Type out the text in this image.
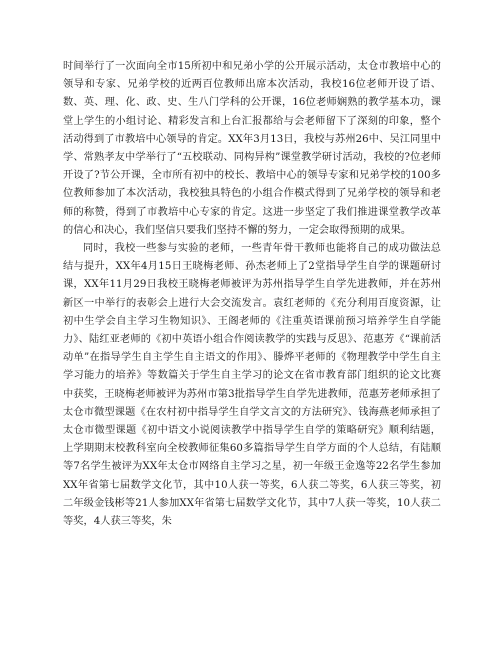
时间举行了一次面向全市15所初中和兄弟小学的公开展示活动，太仓市教培中心的领导和专家、兄弟学校的近两百位教师出席本次活动，我校16位老师开设了语、数、英、理、化、政、史、生八门学科的公开课，16位老师娴熟的教学基本功，课堂上学生的小组讨论、精彩发言和上台汇报都给与会老师留下了深刻的印象，整个活动得到了市教培中心领导的肯定。XX年3月13日，我校与苏州26中、吴江同里中学、常熟孝友中学举行了“五校联动、同构异构”课堂教学研讨活动，我校的?位老师开设了?节公开课，全市所有初中的校长、教培中心的领导专家和兄弟学校的100多位教师参加了本次活动，我校独具特色的小组合作模式得到了兄弟学校的领导和老师的称赞，得到了市教培中心专家的肯定。这进一步坚定了我们推进课堂教学改革的信心和决心，我们坚信只要我们坚持不懈的努力，一定会取得预期的成果。

同时，我校一些参与实验的老师，一些青年骨干教师也能将自己的成功做法总结与提升，XX年4月15日王晓梅老师、孙杰老师上了2堂指导学生自学的课题研讨课，XX年11月29日我校王晓梅老师被评为苏州指导学生自学先进教师，并在苏州新区一中举行的表彰会上进行大会交流发言。袁红老师的《充分利用百度资源，让初中生学会自主学习生物知识》、王阁老师的《注重英语课前预习培养学生自学能力》、陆红亚老师的《初中英语小组合作阅读教学的实践与反思》、范惠芳《“课前活动单”在指导学生自主学生自主语文的作用》、滕烨平老师的《物理教学中学生自主学习能力的培养》等数篇关于学生自主学习的论文在省市教育部门组织的论文比赛中获奖，王晓梅老师被评为苏州市第3批指导学生自学先进教师，范惠芳老师承担了太仓市微型课题《在农村初中指导学生自学文言文的方法研究》、钱海燕老师承担了太仓市微型课题《初中语文小说阅读教学中指导学生自学的策略研究》顺利结题，上学期期末校教科室向全校教师征集60多篇指导学生自学方面的个人总结，有陆顺等7名学生被评为XX年太仓市网络自主学习之星，初一年级王金逸等22名学生参加XX年省第七届数学文化节，其中10人获一等奖，6人获二等奖，6人获三等奖，初二年级金钱彬等21人参加XX年省第七届数学文化节，其中7人获一等奖，10人获二等奖，4人获三等奖，朱
